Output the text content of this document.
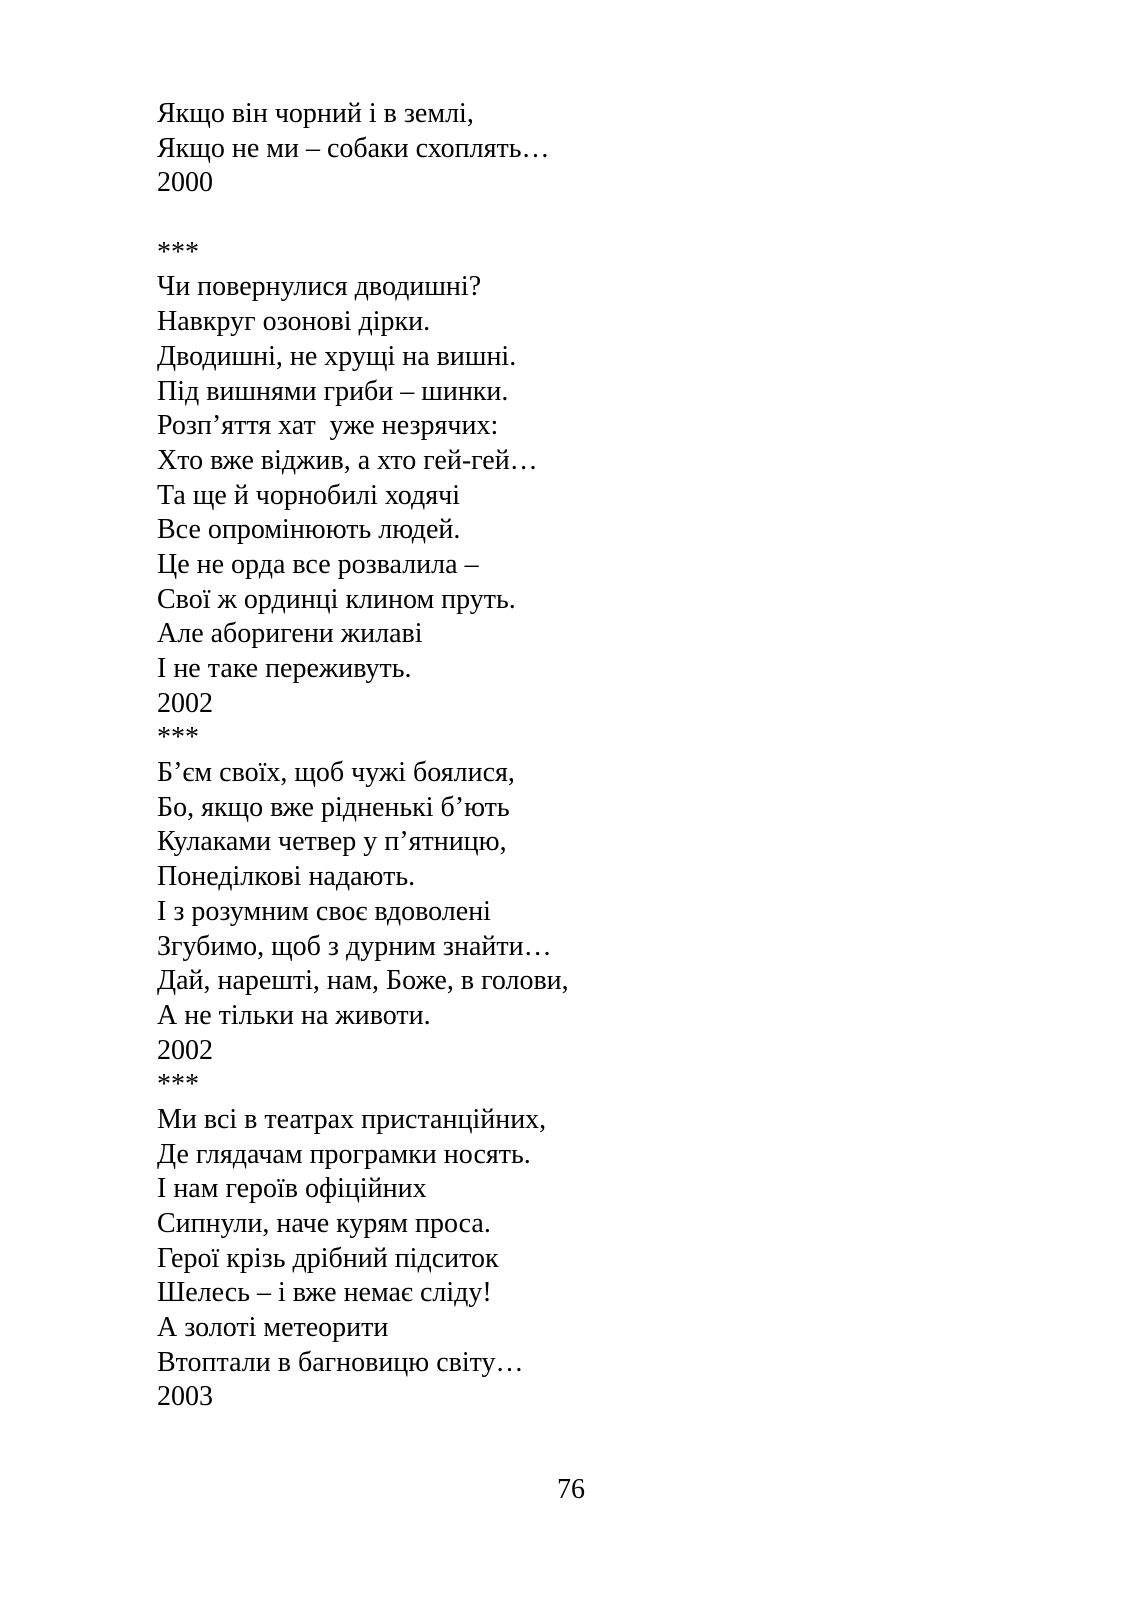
Якщо він чорний і в землі,
Якщо не ми – собаки схоплять…
2000
***
Чи повернулися дводишні?
Навкруг озонові дірки.
Дводишні, не хрущі на вишні.
Під вишнями гриби – шинки.
Розп’яття хат  уже незрячих:
Хто вже віджив, а хто гей-гей…
Та ще й чорнобилі ходячі
Все опромінюють людей.
Це не орда все розвалила –
Свої ж ординці клином пруть.
Але аборигени жилаві
І не таке переживуть.
2002
***
Б’єм своїх, щоб чужі боялися,
Бо, якщо вже рідненькі б’ють
Кулаками четвер у п’ятницю,
Понеділкові надають.
І з розумним своє вдоволені
Згубимо, щоб з дурним знайти…
Дай, нарешті, нам, Боже, в голови,
А не тільки на животи.
2002
***
Ми всі в театрах пристанційних,
Де глядачам програмки носять.
І нам героїв офіційних
Сипнули, наче курям проса.
Герої крізь дрібний підситок
Шелесь – і вже немає сліду!
А золоті метеорити
Втоптали в багновицю світу…
2003
76
